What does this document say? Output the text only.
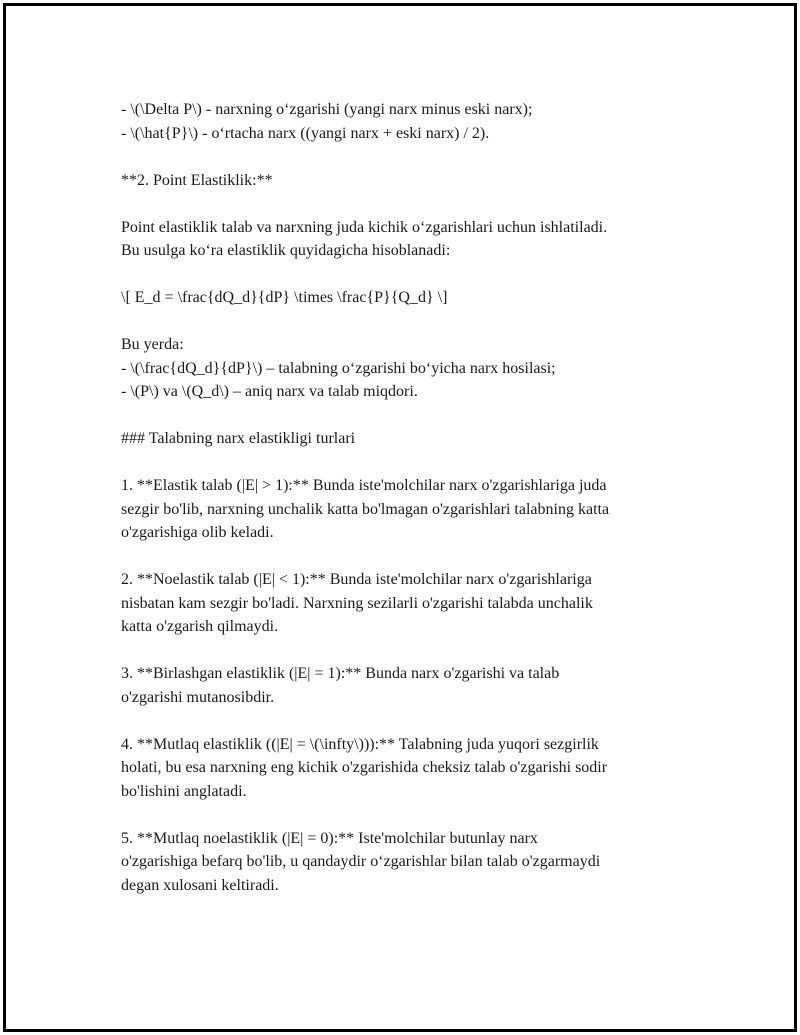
- \(\Delta P\) - narxning o‘zgarishi (yangi narx minus eski narx);

- \(\hat{P}\) - o‘rtacha narx ((yangi narx + eski narx) / 2).

**2. Point Elastiklik:**

Point elastiklik talab va narxning juda kichik o‘zgarishlari uchun ishlatiladi.

Bu usulga ko‘ra elastiklik quyidagicha hisoblanadi:

\[ E_d = \frac{dQ_d}{dP} \times \frac{P}{Q_d} \]

Bu yerda:

- \(\frac{dQ_d}{dP}\) – talabning o‘zgarishi bo‘yicha narx hosilasi;

- \(P\) va \(Q_d\) – aniq narx va talab miqdori.

### Talabning narx elastikligi turlari

1. **Elastik talab (|E| > 1):** Bunda iste'molchilar narx o'zgarishlariga juda

sezgir bo'lib, narxning unchalik katta bo'lmagan o'zgarishlari talabning katta

o'zgarishiga olib keladi.

2. **Noelastik talab (|E| < 1):** Bunda iste'molchilar narx o'zgarishlariga

nisbatan kam sezgir bo'ladi. Narxning sezilarli o'zgarishi talabda unchalik

katta o'zgarish qilmaydi.

3. **Birlashgan elastiklik (|E| = 1):** Bunda narx o'zgarishi va talab

o'zgarishi mutanosibdir.

4. **Mutlaq elastiklik ((|E| = \(\infty\))):** Talabning juda yuqori sezgirlik

holati, bu esa narxning eng kichik o'zgarishida cheksiz talab o'zgarishi sodir

bo'lishini anglatadi.

5. **Mutlaq noelastiklik (|E| = 0):** Iste'molchilar butunlay narx

o'zgarishiga befarq bo'lib, u qandaydir o‘zgarishlar bilan talab o'zgarmaydi

degan xulosani keltiradi.
